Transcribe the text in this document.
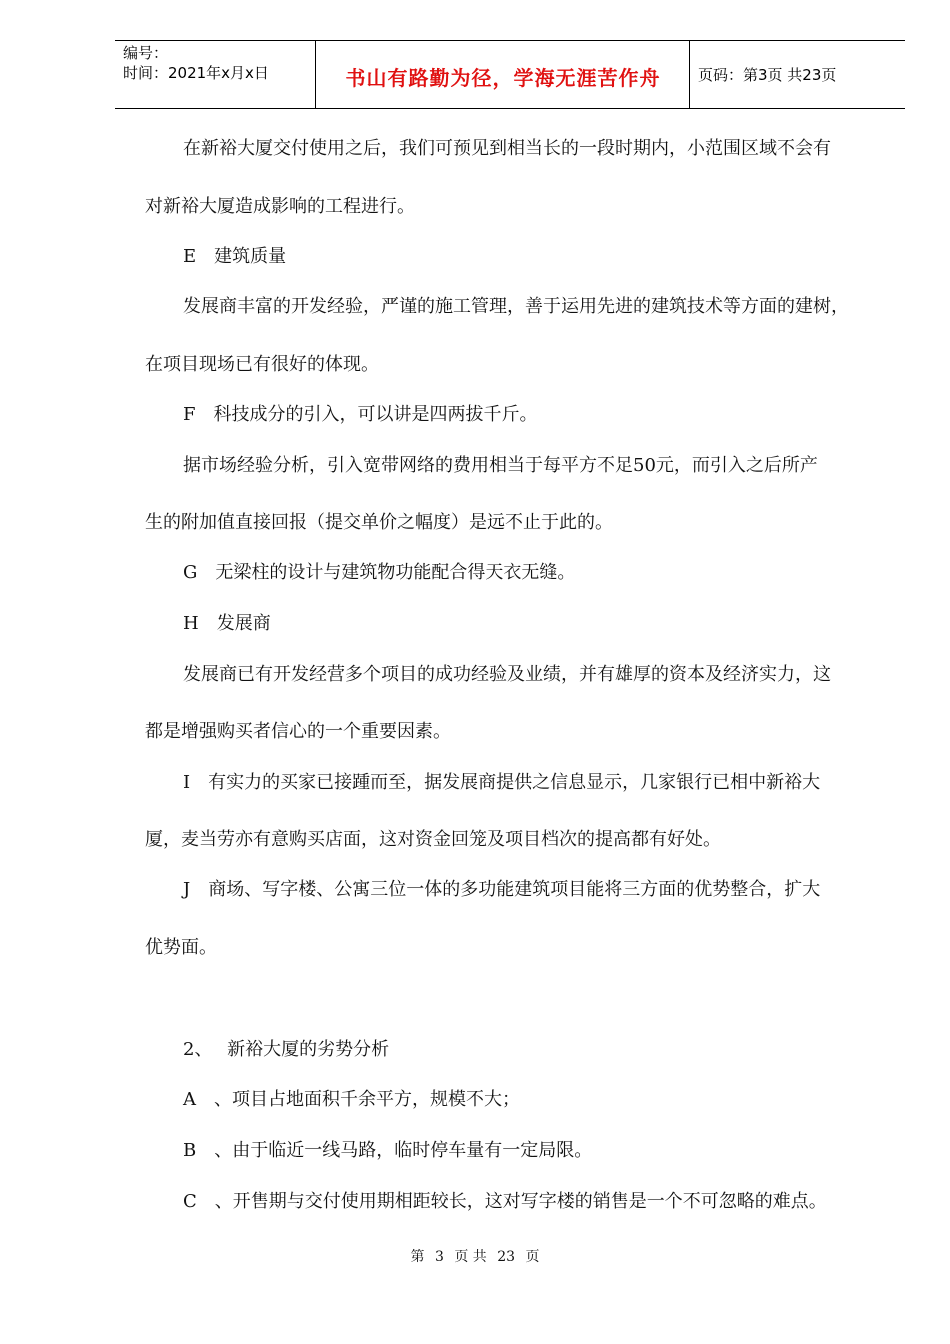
编号：
时间：2021年x月x日	书山有路勤为径，学海无涯苦作舟	页码：第3页 共23页
在新裕大厦交付使用之后，我们可预见到相当长的一段时期内，小范围区域不会有
对新裕大厦造成影响的工程进行。
E　建筑质量
发展商丰富的开发经验，严谨的施工管理，善于运用先进的建筑技术等方面的建树，
在项目现场已有很好的体现。
F　科技成分的引入，可以讲是四两拔千斤。
据市场经验分析，引入宽带网络的费用相当于每平方不足50元，而引入之后所产
生的附加值直接回报（提交单价之幅度）是远不止于此的。
G　无梁柱的设计与建筑物功能配合得天衣无缝。
H　发展商
发展商已有开发经营多个项目的成功经验及业绩，并有雄厚的资本及经济实力，这
都是增强购买者信心的一个重要因素。
I　有实力的买家已接踵而至，据发展商提供之信息显示，几家银行已相中新裕大
厦，麦当劳亦有意购买店面，这对资金回笼及项目档次的提高都有好处。
J　商场、写字楼、公寓三位一体的多功能建筑项目能将三方面的优势整合，扩大
优势面。
2、　 新裕大厦的劣势分析
A　、项目占地面积千余平方，规模不大；
B　、由于临近一线马路，临时停车量有一定局限。
C　、开售期与交付使用期相距较长，这对写字楼的销售是一个不可忽略的难点。
第 3 页 共 23 页
